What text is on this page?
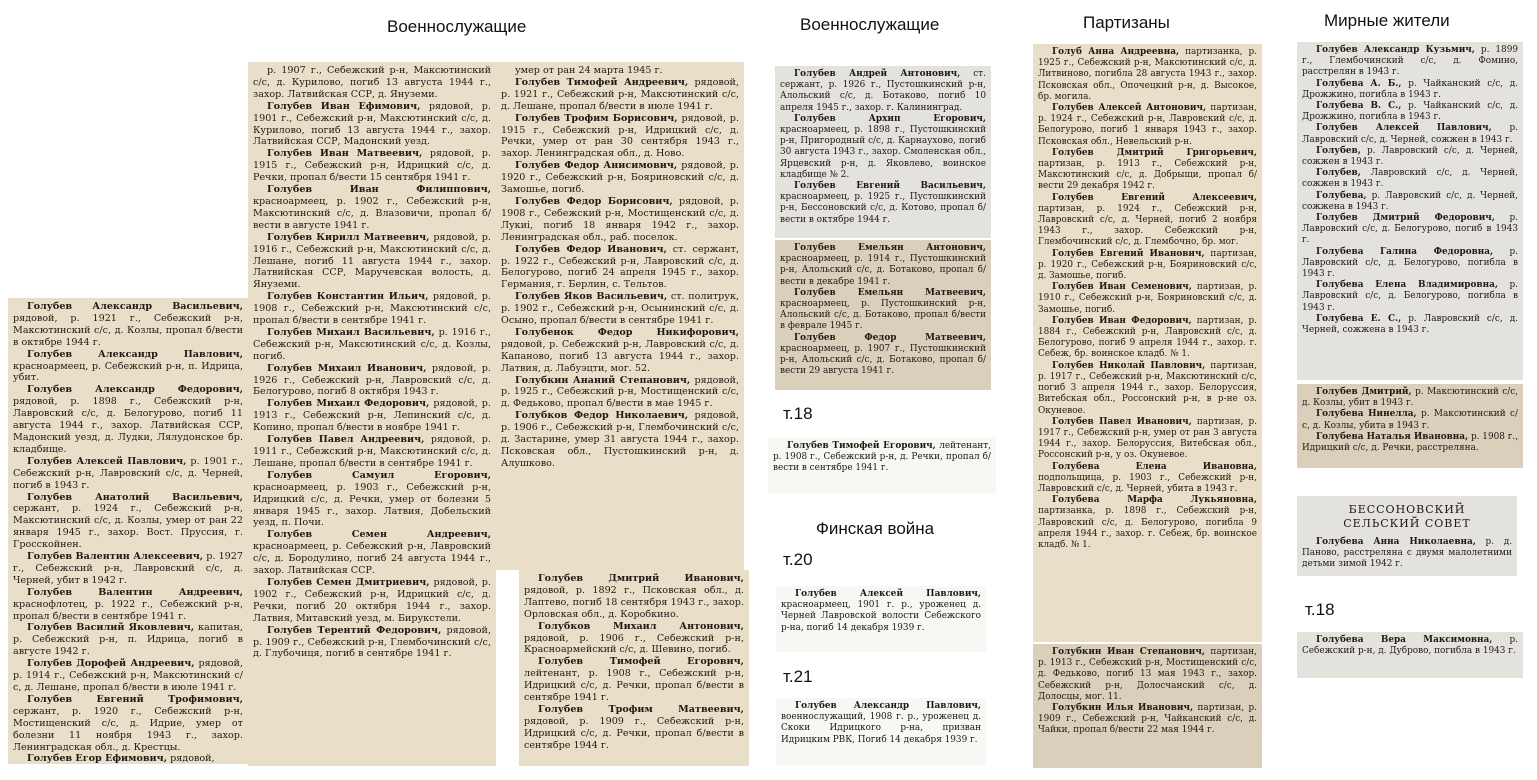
Военнослужащие	Военнослужащие	Партизаны	Мирные жители
Финская война
т.18
т.20
т.21
т.18

Голубев Александр Васильевич, рядовой, р. 1921 г., Себежский р-н, Максютинский с/с, д. Козлы, пропал б/вести в октябре 1944 г.

Голубев Александр Павлович, красноармеец, р. Себежский р-н, п. Идрица, убит.

Голубев Александр Федорович, рядовой, р. 1898 г., Себежский р-н, Лавровский с/с, д. Белогурово, погиб 11 августа 1944 г., захор. Латвийская ССР, Мадонский уезд, д. Лудки, Лялудонское бр. кладбище.

Голубев Алексей Павлович, р. 1901 г., Себежский р-н, Лавровский с/с, д. Черней, погиб в 1943 г.

Голубев Анатолий Васильевич, сержант, р. 1924 г., Себежский р-н, Максютинский с/с, д. Козлы, умер от ран 22 января 1945 г., захор. Вост. Пруссия, г. Гросскойнен.

Голубев Валентин Алексеевич, р. 1927 г., Себежский р-н, Лавровский с/с, д. Черней, убит в 1942 г.

Голубев Валентин Андреевич, краснофлотец, р. 1922 г., Себежский р-н, пропал б/вести в сентябре 1941 г.

Голубев Василий Яковлевич, капитан, р. Себежский р-н, п. Идрица, погиб в августе 1942 г.

Голубев Дорофей Андреевич, рядовой, р. 1914 г., Себежский р-н, Максютинский с/с, д. Лешане, пропал б/вести в июле 1941 г.

Голубев Евгений Трофимович, сержант, р. 1920 г., Себежский р-н, Мостищенский с/с, д. Идрие, умер от болезни 11 ноября 1943 г., захор. Ленинградская обл., д. Крестцы.

Голубев Егор Ефимович, рядовой,

р. 1907 г., Себежский р-н, Максютинский с/с, д. Курилово, погиб 13 августа 1944 г., захор. Латвийская ССР, д. Януземи.

Голубев Иван Ефимович, рядовой, р. 1901 г., Себежский р-н, Максютинский с/с, д. Курилово, погиб 13 августа 1944 г., захор. Латвийская ССР, Мадонский уезд.

Голубев Иван Матвеевич, рядовой, р. 1915 г., Себежский р-н, Идрицкий с/с, д. Речки, пропал б/вести 15 сентября 1941 г.

Голубев Иван Филиппович, красноармеец, р. 1902 г., Себежский р-н, Максютинский с/с, д. Влазовичи, пропал б/вести в августе 1941 г.

Голубев Кирилл Матвеевич, рядовой, р. 1916 г., Себежский р-н, Максютинский с/с, д. Лешане, погиб 11 августа 1944 г., захор. Латвийская ССР, Маручевская волость, д. Януземи.

Голубев Константин Ильич, рядовой, р. 1908 г., Себежский р-н, Максютинский с/с, пропал б/вести в сентябре 1941 г.

Голубев Михаил Васильевич, р. 1916 г., Себежский р-н, Максютинский с/с, д. Козлы, погиб.

Голубев Михаил Иванович, рядовой, р. 1926 г., Себежский р-н, Лавровский с/с, д. Белогурово, погиб 8 октября 1943 г.

Голубев Михаил Федорович, рядовой, р. 1913 г., Себежский р-н, Лепинский с/с, д. Копино, пропал б/вести в ноябре 1941 г.

Голубев Павел Андреевич, рядовой, р. 1911 г., Себежский р-н, Максютинский с/с, д. Лешане, пропал б/вести в сентябре 1941 г.

Голубев Самуил Егорович, красноармеец, р. 1903 г., Себежский р-н, Идрицкий с/с, д. Речки, умер от болезни 5 января 1945 г., захор. Латвия, Добельский уезд, п. Почи.

Голубев Семен Андреевич, красноармеец, р. Себежский р-н, Лавровский с/с, д. Бородулино, погиб 24 августа 1944 г., захор. Латвийская ССР.

Голубев Семен Дмитриевич, рядовой, р. 1902 г., Себежский р-н, Идрицкий с/с, д. Речки, погиб 20 октября 1944 г., захор. Латвия, Митавский уезд, м. Бирукстели.

Голубев Терентий Федорович, рядовой, р. 1909 г., Себежский р-н, Глембочинский с/с, д. Глубочиця, погиб в сентябре 1941 г.

умер от ран 24 марта 1945 г.

Голубев Тимофей Андреевич, рядовой, р. 1921 г., Себежский р-н, Максютинский с/с, д. Лешане, пропал б/вести в июле 1941 г.

Голубев Трофим Борисович, рядовой, р. 1915 г., Себежский р-н, Идрицкий с/с, д. Речки, умер от ран 30 сентября 1943 г., захор. Ленинградская обл., д. Ново.

Голубев Федор Анисимович, рядовой, р. 1920 г., Себежский р-н, Бояриновский с/с, д. Замошье, погиб.

Голубев Федор Борисович, рядовой, р. 1908 г., Себежский р-н, Мостищенский с/с, д. Лукиi, погиб 18 января 1942 г., захор. Ленинградская обл., раб. поселок.

Голубев Федор Иванович, ст. сержант, р. 1922 г., Себежский р-н, Лавровский с/с, д. Белогурово, погиб 24 апреля 1945 г., захор. Германия, г. Берлин, с. Тельтов.

Голубев Яков Васильевич, ст. политрук, р. 1902 г., Себежский р-н, Осынинский с/с, д. Осыно, пропал б/вести в сентябре 1941 г.

Голубенок Федор Никифорович, рядовой, р. Себежский р-н, Лавровский с/с, д. Капаново, погиб 13 августа 1944 г., захор. Латвия, д. Лабуэцти, мог. 52.

Голубкин Ананий Степанович, рядовой, р. 1925 г., Себежский р-н, Мостищенский с/с, д. Федьково, пропал б/вести в мае 1945 г.

Голубков Федор Николаевич, рядовой, р. 1906 г., Себежский р-н, Глембочинский с/с, д. Застарине, умер 31 августа 1944 г., захор. Псковская обл., Пустошкинский р-н, д. Алушково.

Голубев Дмитрий Иванович, рядовой, р. 1892 г., Псковская обл., д. Лаптево, погиб 18 сентября 1943 г., захор. Орловская обл., д. Коробкино.

Голубков Михаил Антонович, рядовой, р. 1906 г., Себежский р-н, Красноармейский с/с, д. Шевино, погиб.

Голубев Тимофей Егорович, лейтенант, р. 1908 г., Себежский р-н, Идрицкий с/с, д. Речки, пропал б/вести в сентябре 1941 г.

Голубев Трофим Матвеевич, рядовой, р. 1909 г., Себежский р-н, Идрицкий с/с, д. Речки, пропал б/вести в сентябре 1944 г.

Голубев Андрей Антонович, ст. сержант, р. 1926 г., Пустошкинский р-н, Алольский с/с, д. Ботаково, погиб 10 апреля 1945 г., захор. г. Калининград.

Голубев Архип Егорович, красноармеец, р. 1898 г., Пустошкинский р-н, Пригородный с/с, д. Карнаухово, погиб 30 августа 1943 г., захор. Смоленская обл., Ярцевский р-н, д. Яковлево, воинское кладбище № 2.

Голубев Евгений Васильевич, красноармеец, р. 1925 г., Пустошкинский р-н, Бессоновский с/с, д. Котово, пропал б/вести в октябре 1944 г.

Голубев Емельян Антонович, красноармеец, р. 1914 г., Пустошкинский р-н, Алольский с/с, д. Ботаково, пропал б/вести в декабре 1941 г.

Голубев Емельян Матвеевич, красноармеец, р. Пустошкинский р-н, Алольский с/с, д. Ботаково, пропал б/вести в феврале 1945 г.

Голубев Федор Матвеевич, красноармеец, р. 1907 г., Пустошкинский р-н, Алольский с/с, д. Ботаково, пропал б/вести 29 августа 1941 г.

Голубев Тимофей Егорович, лейтенант, р. 1908 г., Себежский р-н, д. Речки, пропал б/вести в сентябре 1941 г.

Голубев Алексей Павлович, красноармеец, 1901 г. р., уроженец д. Черней Лавровской волости Себежского р-на, погиб 14 декабря 1939 г.

Голубев Александр Павлович, военнослужащий, 1908 г. р., уроженец д. Скоки Идрицкого р-на, призван Идрицким РВК, Погиб 14 декабря 1939 г.

Голуб Анна Андреевна, партизанка, р. 1925 г., Себежский р-н, Максютинский с/с, д. Литвиново, погибла 28 августа 1943 г., захор. Псковская обл., Опочецкий р-н, д. Высокое, бр. могила.

Голубев Алексей Антонович, партизан, р. 1924 г., Себежский р-н, Лавровский с/с, д. Белогурово, погиб 1 января 1943 г., захор. Псковская обл., Невельский р-н.

Голубев Дмитрий Григорьевич, партизан, р. 1913 г., Себежский р-н, Максютинский с/с, д. Добрыщи, пропал б/вести 29 декабря 1942 г.

Голубев Евгений Алексеевич, партизан, р. 1924 г., Себежский р-н, Лавровский с/с, д. Черней, погиб 2 ноября 1943 г., захор. Себежский р-н, Глембочинский с/с, д. Глембочно, бр. мог.

Голубев Евгений Иванович, партизан, р. 1920 г., Себежский р-н, Бояриновский с/с, д. Замошье, погиб.

Голубев Иван Семенович, партизан, р. 1910 г., Себежский р-н, Бояриновский с/с, д. Замошье, погиб.

Голубев Иван Федорович, партизан, р. 1884 г., Себежский р-н, Лавровский с/с, д. Белогурово, погиб 9 апреля 1944 г., захор. г. Себеж, бр. воинское кладб. № 1.

Голубев Николай Павлович, партизан, р. 1917 г., Себежский р-н, Максютинский с/с, погиб 3 апреля 1944 г., захор. Белоруссия, Витебская обл., Россонский р-н, в р-не оз. Окуневое.

Голубев Павел Иванович, партизан, р. 1917 г., Себежский р-н, умер от ран 3 августа 1944 г., захор. Белоруссия, Витебская обл., Россонский р-н, у оз. Окуневое.

Голубева Елена Ивановна, подпольщица, р. 1903 г., Себежский р-н, Лавровский с/с, д. Черней, убита в 1943 г.

Голубева Марфа Лукьяновна, партизанка, р. 1898 г., Себежский р-н, Лавровский с/с, д. Белогурово, погибла 9 апреля 1944 г., захор. г. Себеж, бр. воинское кладб. № 1.

Голубкин Иван Степанович, партизан, р. 1913 г., Себежский р-н, Мостищенский с/с, д. Федьково, погиб 13 мая 1943 г., захор. Себежский р-н, Долосчанский с/с, д. Долосцы, мог. 11.

Голубкин Илья Иванович, партизан, р. 1909 г., Себежский р-н, Чайканский с/с, д. Чайки, пропал б/вести 22 мая 1944 г.

Голубев Александр Кузьмич, р. 1899 г., Глембочинский с/с, д. Фомино, расстрелян в 1943 г.

Голубева А. Б., р. Чайканский с/с, д. Дрожжино, погибла в 1943 г.

Голубева В. С., р. Чайканский с/с, д. Дрожжино, погибла в 1943 г.

Голубев Алексей Павлович, р. Лавровский с/с, д. Черней, сожжен в 1943 г.

Голубев, р. Лавровский с/с, д. Черней, сожжен в 1943 г.

Голубев, Лавровский с/с, д. Черней, сожжен в 1943 г.

Голубева, р. Лавровский с/с, д. Черней, сожжена в 1943 г.

Голубев Дмитрий Федорович, р. Лавровский с/с, д. Белогурово, погиб в 1943 г.

Голубева Галина Федоровна, р. Лавровский с/с, д. Белогурово, погибла в 1943 г.

Голубева Елена Владимировна, р. Лавровский с/с, д. Белогурово, погибла в 1943 г.

Голубева Е. С., р. Лавровский с/с, д. Черней, сожжена в 1943 г.

Голубев Дмитрий, р. Максютинский с/с, д. Козлы, убит в 1943 г.

Голубева Нинелла, р. Максютинский с/с, д. Козлы, убита в 1943 г.

Голубева Наталья Ивановна, р. 1908 г., Идрицкий с/с, д. Речки, расстреляна.

БЕССОНОВСКИЙ
СЕЛЬСКИЙ СОВЕТ

Голубева Анна Николаевна, р. д. Паново, расстреляна с двумя малолетними детьми зимой 1942 г.

Голубева Вера Максимовна, р. Себежский р-н, д. Дуброво, погибла в 1943 г.
